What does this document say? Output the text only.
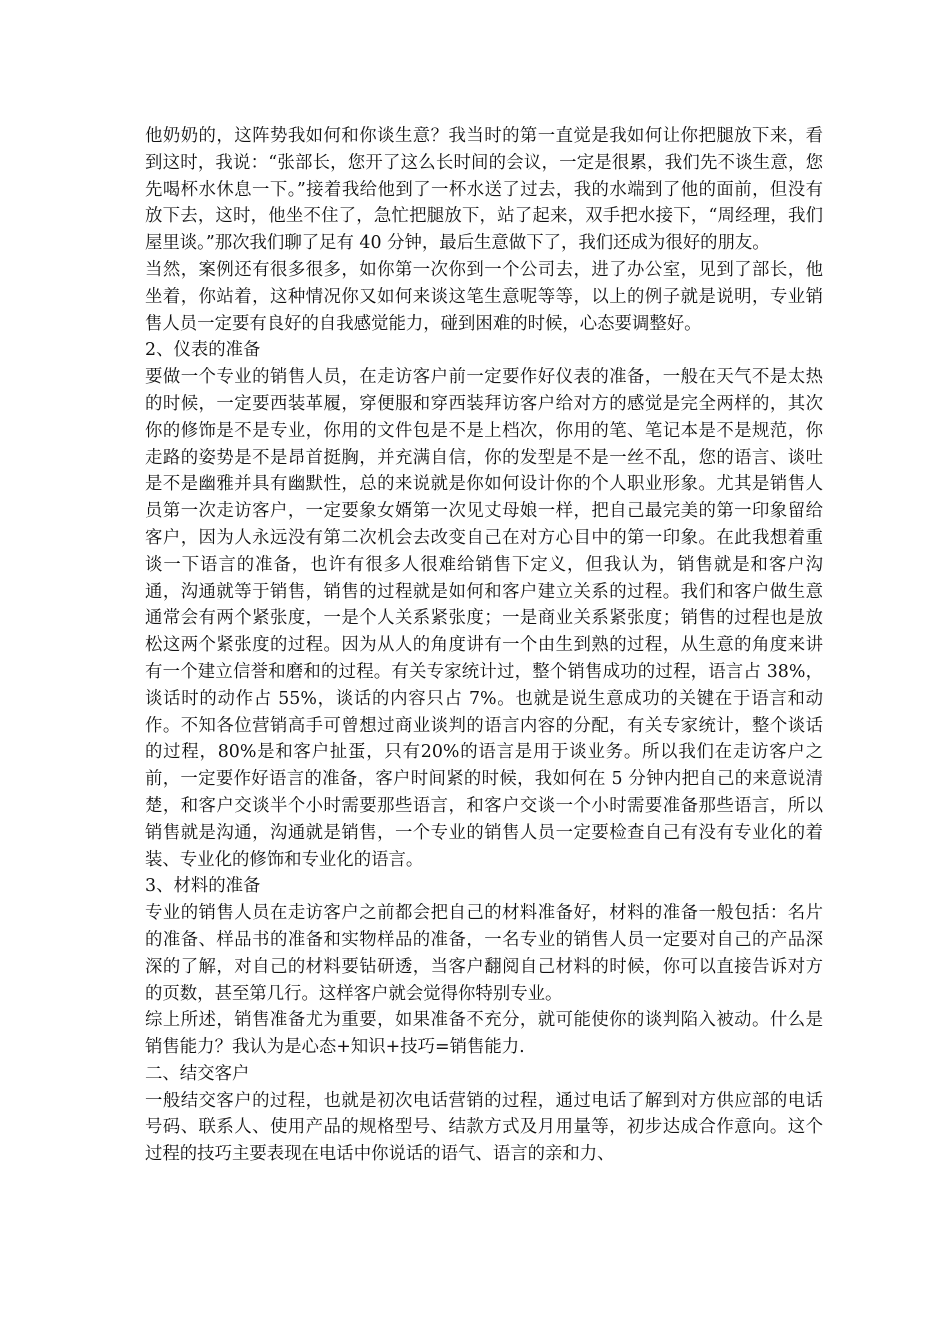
他奶奶的，这阵势我如何和你谈生意？我当时的第一直觉是我如何让你把腿放下来，看到这时，我说：“张部长，您开了这么长时间的会议，一定是很累，我们先不谈生意，您先喝杯水休息一下。”接着我给他到了一杯水送了过去，我的水端到了他的面前，但没有放下去，这时，他坐不住了，急忙把腿放下，站了起来，双手把水接下，“周经理，我们屋里谈。”那次我们聊了足有 40 分钟，最后生意做下了，我们还成为很好的朋友。

当然，案例还有很多很多，如你第一次你到一个公司去，进了办公室，见到了部长，他坐着，你站着，这种情况你又如何来谈这笔生意呢等等，以上的例子就是说明，专业销售人员一定要有良好的自我感觉能力，碰到困难的时候，心态要调整好。

2、仪表的准备

要做一个专业的销售人员，在走访客户前一定要作好仪表的准备，一般在天气不是太热的时候，一定要西装革履，穿便服和穿西装拜访客户给对方的感觉是完全两样的，其次你的修饰是不是专业，你用的文件包是不是上档次，你用的笔、笔记本是不是规范，你走路的姿势是不是昂首挺胸，并充满自信，你的发型是不是一丝不乱，您的语言、谈吐是不是幽雅并具有幽默性，总的来说就是你如何设计你的个人职业形象。尤其是销售人员第一次走访客户，一定要象女婿第一次见丈母娘一样，把自己最完美的第一印象留给客户，因为人永远没有第二次机会去改变自己在对方心目中的第一印象。在此我想着重谈一下语言的准备，也许有很多人很难给销售下定义，但我认为，销售就是和客户沟通，沟通就等于销售，销售的过程就是如何和客户建立关系的过程。我们和客户做生意通常会有两个紧张度，一是个人关系紧张度；一是商业关系紧张度；销售的过程也是放松这两个紧张度的过程。因为从人的角度讲有一个由生到熟的过程，从生意的角度来讲有一个建立信誉和磨和的过程。有关专家统计过，整个销售成功的过程，语言占 38%，谈话时的动作占 55%，谈话的内容只占 7%。也就是说生意成功的关键在于语言和动作。不知各位营销高手可曾想过商业谈判的语言内容的分配，有关专家统计，整个谈话的过程，80%是和客户扯蛋，只有20%的语言是用于谈业务。所以我们在走访客户之前，一定要作好语言的准备，客户时间紧的时候，我如何在 5 分钟内把自己的来意说清楚，和客户交谈半个小时需要那些语言，和客户交谈一个小时需要准备那些语言，所以销售就是沟通，沟通就是销售，一个专业的销售人员一定要检查自己有没有专业化的着装、专业化的修饰和专业化的语言。

3、材料的准备

专业的销售人员在走访客户之前都会把自己的材料准备好，材料的准备一般包括：名片的准备、样品书的准备和实物样品的准备，一名专业的销售人员一定要对自己的产品深深的了解，对自己的材料要钻研透，当客户翻阅自己材料的时候，你可以直接告诉对方的页数，甚至第几行。这样客户就会觉得你特别专业。

综上所述，销售准备尤为重要，如果准备不充分，就可能使你的谈判陷入被动。什么是销售能力？我认为是心态+知识+技巧=销售能力.

二、结交客户

一般结交客户的过程，也就是初次电话营销的过程，通过电话了解到对方供应部的电话号码、联系人、使用产品的规格型号、结款方式及月用量等，初步达成合作意向。这个过程的技巧主要表现在电话中你说话的语气、语言的亲和力、
